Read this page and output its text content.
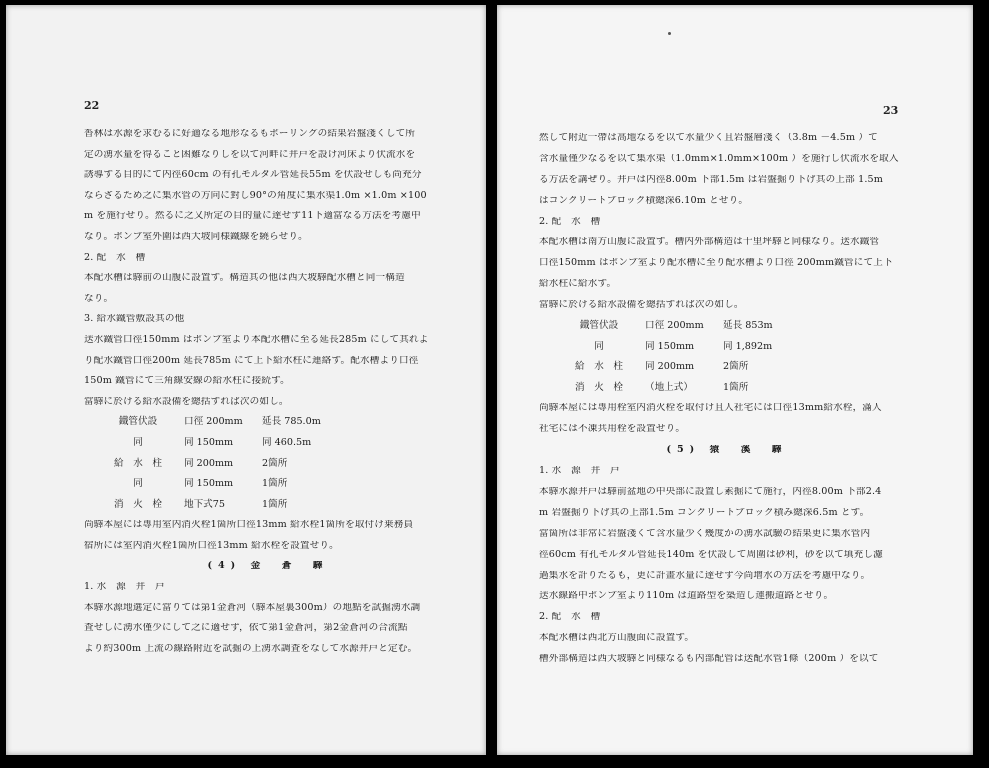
22
沓林は水源を求むるに好適なる地形なるもボーリングの結果岩盤淺くして所
定の湧水量を得ること困難なりしを以て河畔に井戸を設け河床より伏流水を
誘導する目的にて内徑60cm の有孔モルタル管延長55m を伏設せしも尚充分
ならざるため之に集水管の方向に對し90°の角度に集水渠1.0m ×1.0m ×100
m を施行せり。然るに之又所定の目的量に達せず11下適當なる方法を考慮中
なり。ポンプ室外圍は西大坡同様鐵線を繞らせり。
2. 配　水　槽
本配水槽は驛前の山腹に設置す。構造其の他は西大坡驛配水槽と同一構造
なり。
3. 給水鐵管敷設其の他
送水鐵管口徑150mm はポンプ室より本配水槽に至る延長285m にして其れよ
り配水鐵管口徑200m 延長785m にて上下給水柱に連絡す。配水槽より口徑
150m 鐵管にて三角線安線の給水柱に接続す。
當驛に於ける給水設備を總括すれば次の如し。
鐵管伏設	口徑 200mm	延長 785.0m
同	同 150mm	同 460.5m
給　水　柱	同 200mm	2箇所
同	同 150mm	1箇所
消　火　栓	地下式75	1箇所
尚驛本屋には專用室内消火栓1箇所口徑13mm 給水栓1箇所を取付け乗務員
宿所には室内消火栓1箇所口徑13mm 給水栓を設置せり。
(4) 金　蒼　驛
1. 水　源　井　戸
本驛水源地選定に當りては第1金蒼河（驛本屋裏300m）の地點を試掘湧水調
査せしに湧水僅少にして之に適せず，依て第1金蒼河，第2金蒼河の合流點
より約300m 上流の線路附近を試掘の上湧水調査をなして水源井戸と定む。
23
然して附近一帶は高地なるを以て水量少く且岩盤層淺く（3.8m －4.5m ）て
含水量僅少なるを以て集水渠（1.0mm×1.0mm×100m ）を施行し伏流水を取入
る方法を講ぜり。井戸は内徑8.00m 下部1.5m は岩盤掘り下げ其の上部 1.5m
はコンクリートブロック積總深6.10m とせり。
2. 配　水　槽
本配水槽は南方山腹に設置す。槽内外部構造は十里坪驛と同様なり。送水鐵管
口徑150mm はポンプ室より配水槽に至り配水槽より口徑 200mm鐵管にて上下
給水柱に給水す。
當驛に於ける給水設備を總括すれば次の如し。
鐵管伏設	口徑 200mm	延長 853m
同	同 150mm	同 1,892m
給　水　柱	同 200mm	2箇所
消　火　栓	（地上式）	1箇所
尚驛本屋には專用栓室内消火栓を取付け且人社宅には口徑13mm給水栓，滿人
社宅には不凍共用栓を設置せり。
(5) 猿　溪　驛
1. 水　源　井　戸
本驛水源井戸は驛前盆地の中央部に設置し素掘にて施行，内徑8.00m 下部2.4
m 岩盤掘り下げ其の上部1.5m コンクリートブロック積み總深6.5m とす。
當箇所は非常に岩盤淺くて含水量少く幾度かの湧水試驗の結果更に集水管内
徑60cm 有孔モルタル管延長140m を伏設して周圍は砂利，砂を以て填充し濾
過集水を計りたるも，更に計畫水量に達せず今尚增水の方法を考慮中なり。
送水線路中ポンプ室より110m は道路型を築造し運搬道路とせり。
2. 配　水　槽
本配水槽は西北方山腹面に設置す。
槽外部構造は西大坡驛と同様なるも内部配管は送配水管1條（200m ）を以て
